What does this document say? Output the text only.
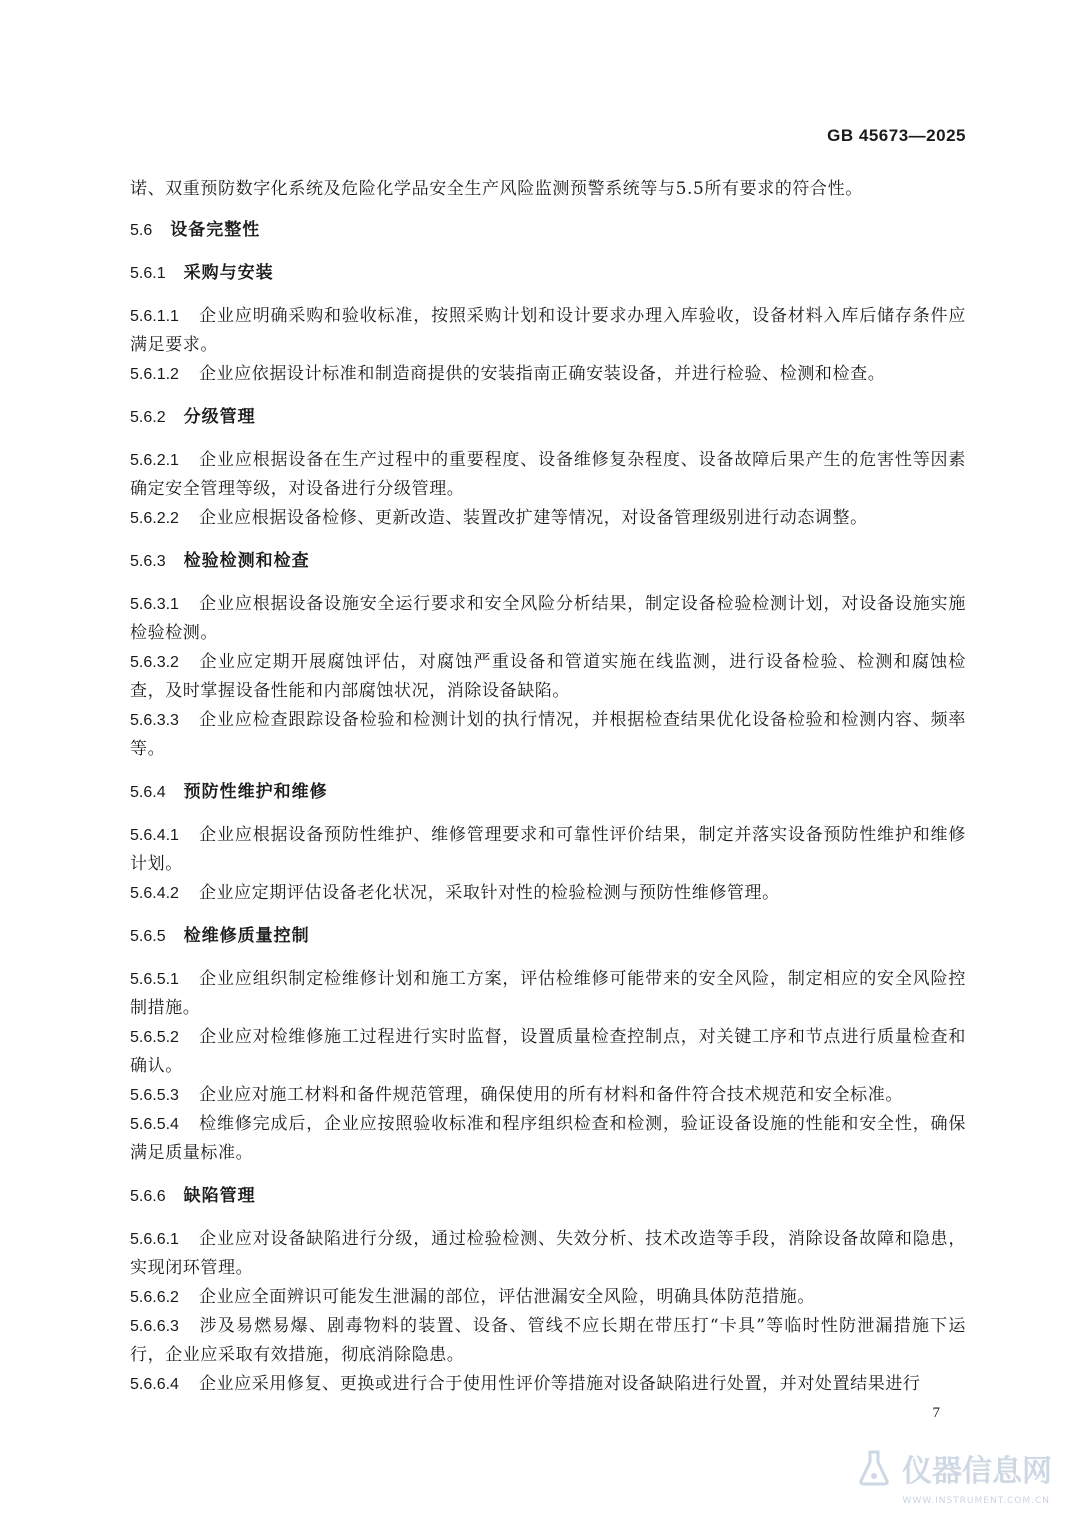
GB 45673—2025
诺、双重预防数字化系统及危险化学品安全生产风险监测预警系统等与5.5所有要求的符合性。
5.6 设备完整性
5.6.1 采购与安装
5.6.1.1 企业应明确采购和验收标准，按照采购计划和设计要求办理入库验收，设备材料入库后储存条件应满足要求。
5.6.1.2 企业应依据设计标准和制造商提供的安装指南正确安装设备，并进行检验、检测和检查。
5.6.2 分级管理
5.6.2.1 企业应根据设备在生产过程中的重要程度、设备维修复杂程度、设备故障后果产生的危害性等因素确定安全管理等级，对设备进行分级管理。
5.6.2.2 企业应根据设备检修、更新改造、装置改扩建等情况，对设备管理级别进行动态调整。
5.6.3 检验检测和检查
5.6.3.1 企业应根据设备设施安全运行要求和安全风险分析结果，制定设备检验检测计划，对设备设施实施检验检测。
5.6.3.2 企业应定期开展腐蚀评估，对腐蚀严重设备和管道实施在线监测，进行设备检验、检测和腐蚀检查，及时掌握设备性能和内部腐蚀状况，消除设备缺陷。
5.6.3.3 企业应检查跟踪设备检验和检测计划的执行情况，并根据检查结果优化设备检验和检测内容、频率等。
5.6.4 预防性维护和维修
5.6.4.1 企业应根据设备预防性维护、维修管理要求和可靠性评价结果，制定并落实设备预防性维护和维修计划。
5.6.4.2 企业应定期评估设备老化状况，采取针对性的检验检测与预防性维修管理。
5.6.5 检维修质量控制
5.6.5.1 企业应组织制定检维修计划和施工方案，评估检维修可能带来的安全风险，制定相应的安全风险控制措施。
5.6.5.2 企业应对检维修施工过程进行实时监督，设置质量检查控制点，对关键工序和节点进行质量检查和确认。
5.6.5.3 企业应对施工材料和备件规范管理，确保使用的所有材料和备件符合技术规范和安全标准。
5.6.5.4 检维修完成后，企业应按照验收标准和程序组织检查和检测，验证设备设施的性能和安全性，确保满足质量标准。
5.6.6 缺陷管理
5.6.6.1 企业应对设备缺陷进行分级，通过检验检测、失效分析、技术改造等手段，消除设备故障和隐患，实现闭环管理。
5.6.6.2 企业应全面辨识可能发生泄漏的部位，评估泄漏安全风险，明确具体防范措施。
5.6.6.3 涉及易燃易爆、剧毒物料的装置、设备、管线不应长期在带压打“卡具”等临时性防泄漏措施下运行，企业应采取有效措施，彻底消除隐患。
5.6.6.4 企业应采用修复、更换或进行合于使用性评价等措施对设备缺陷进行处置，并对处置结果进行
7
仪器信息网
WWW.INSTRUMENT.COM.CN
